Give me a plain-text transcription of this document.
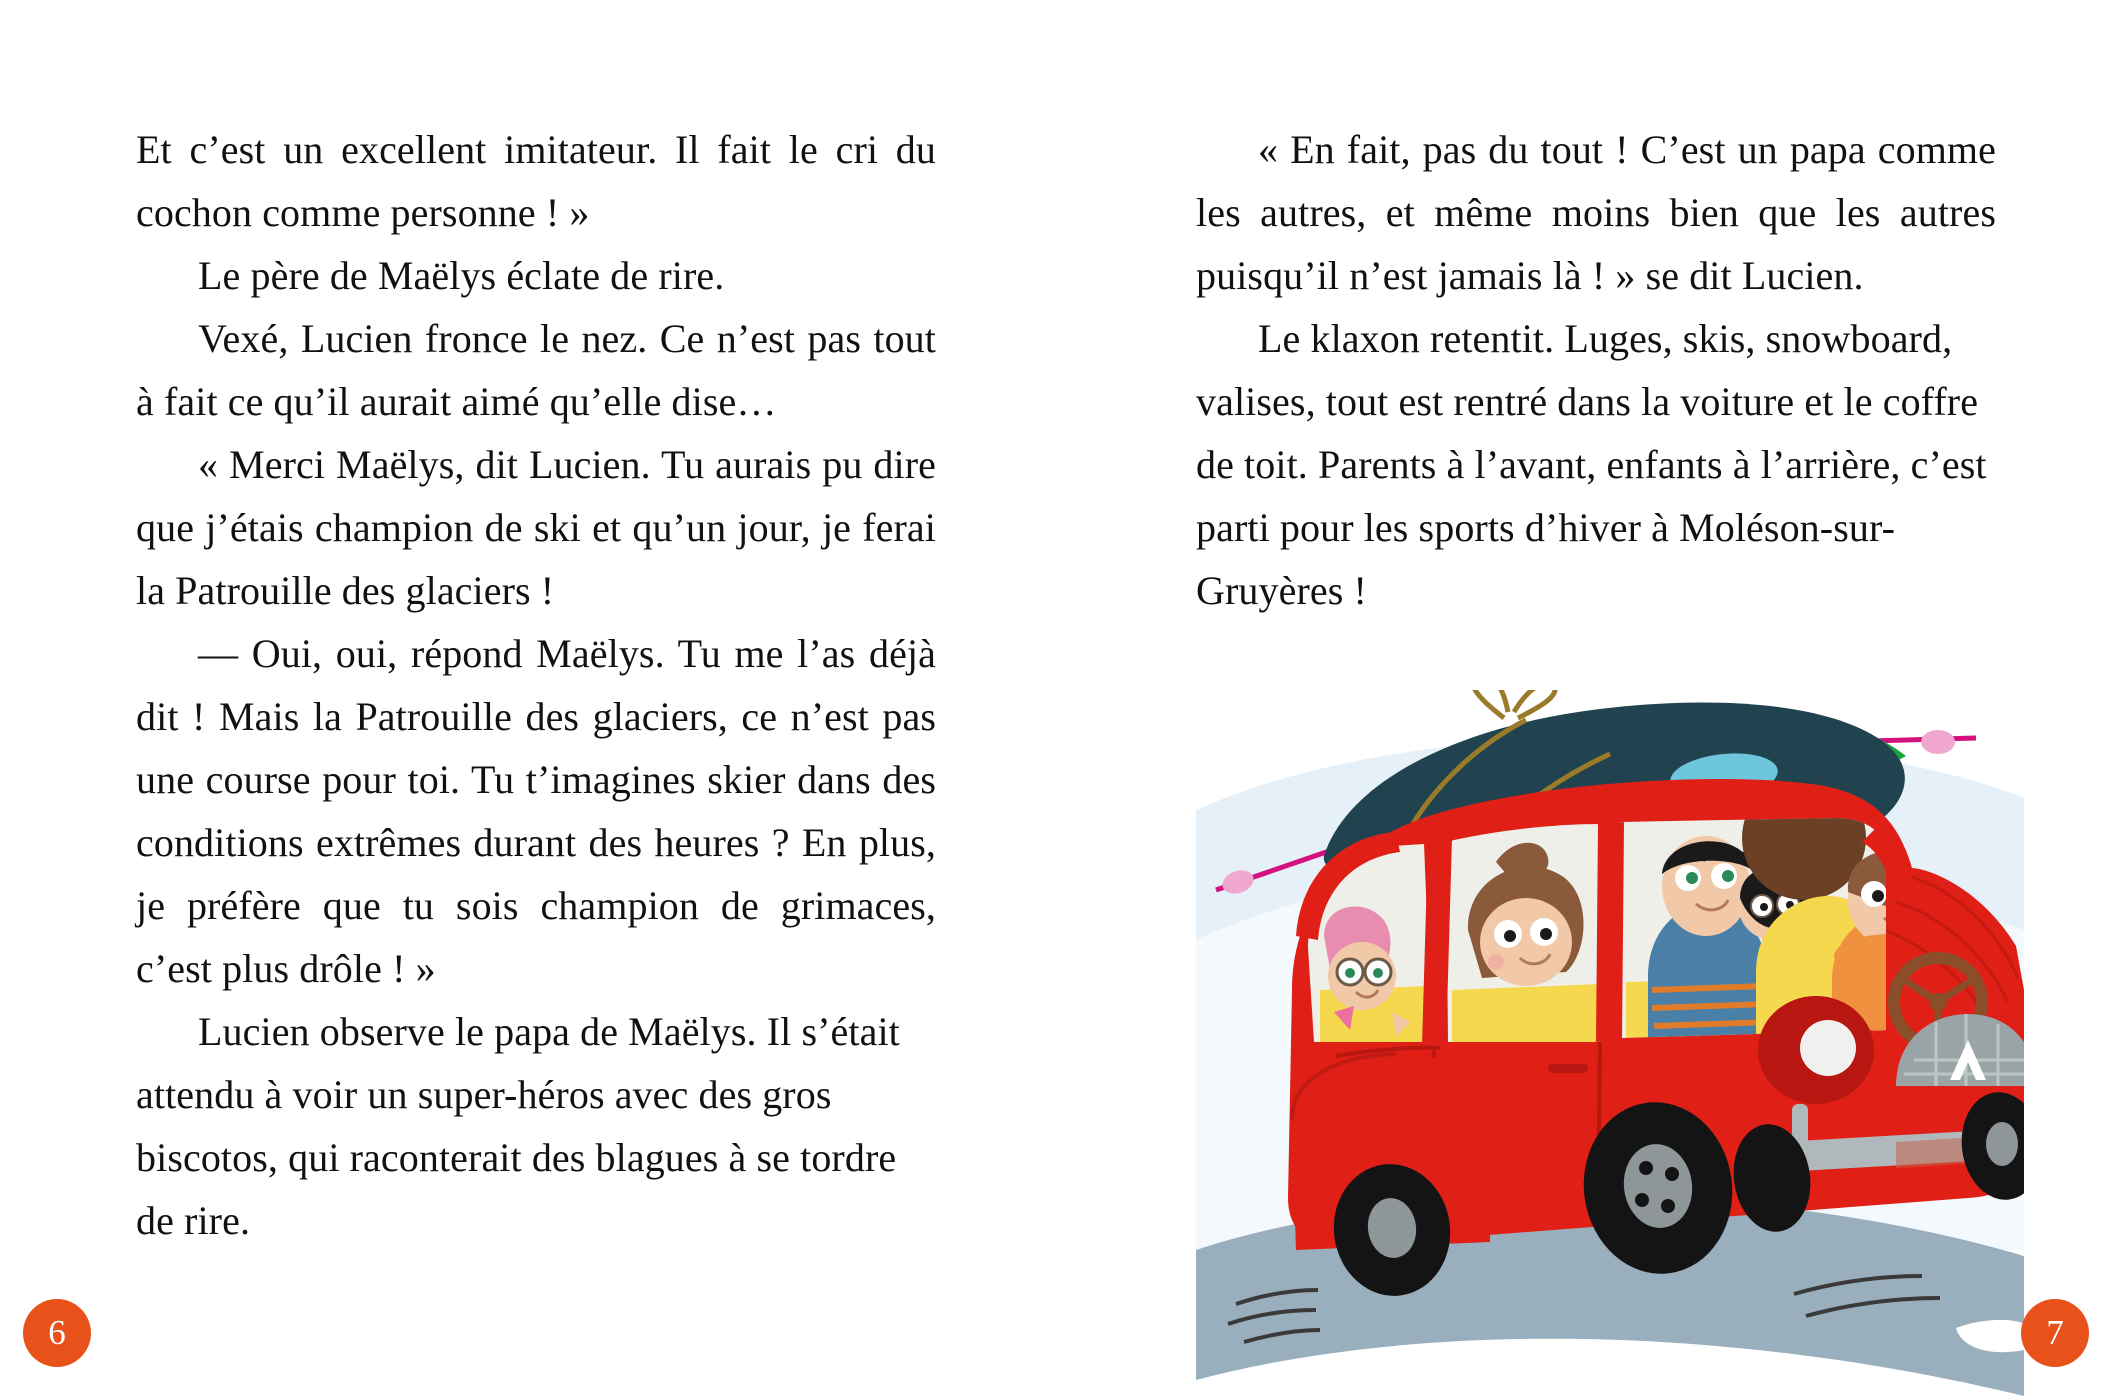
Et c’est un excellent imitateur. Il fait le cri du cochon comme personne ! »

Le père de Maëlys éclate de rire.

Vexé, Lucien fronce le nez. Ce n’est pas tout à fait ce qu’il aurait aimé qu’elle dise…

« Merci Maëlys, dit Lucien. Tu aurais pu dire que j’étais champion de ski et qu’un jour, je ferai la Patrouille des glaciers !

— Oui, oui, répond Maëlys. Tu me l’as déjà dit ! Mais la Patrouille des glaciers, ce n’est pas une course pour toi. Tu t’imagines skier dans des conditions extrêmes durant des heures ? En plus, je préfère que tu sois champion de grimaces, c’est plus drôle ! »

Lucien observe le papa de Maëlys. Il s’était attendu à voir un super-héros avec des gros biscotos, qui raconterait des blagues à se tordre de rire.

6

« En fait, pas du tout ! C’est un papa comme les autres, et même moins bien que les autres puisqu’il n’est jamais là ! » se dit Lucien.

Le klaxon retentit. Luges, skis, snowboard, valises, tout est rentré dans la voiture et le coffre de toit. Parents à l’avant, enfants à l’arrière, c’est parti pour les sports d’hiver à Moléson-sur-Gruyères !

7
